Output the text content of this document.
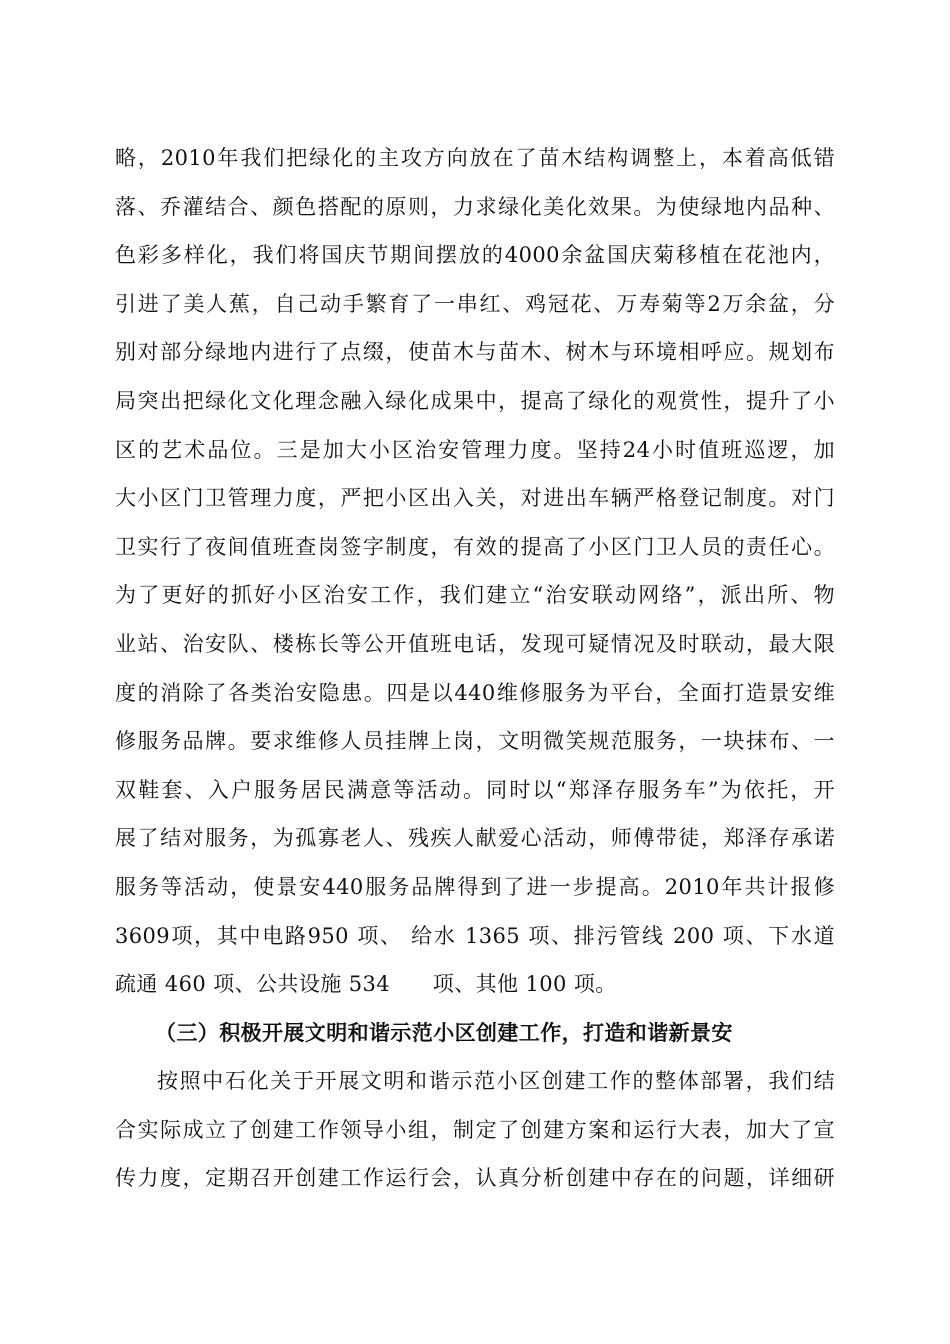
略，2010年我们把绿化的主攻方向放在了苗木结构调整上，本着高低错
落、乔灌结合、颜色搭配的原则，力求绿化美化效果。为使绿地内品种、
色彩多样化，我们将国庆节期间摆放的4000余盆国庆菊移植在花池内，
引进了美人蕉，自己动手繁育了一串红、鸡冠花、万寿菊等2万余盆，分
别对部分绿地内进行了点缀，使苗木与苗木、树木与环境相呼应。规划布
局突出把绿化文化理念融入绿化成果中，提高了绿化的观赏性，提升了小
区的艺术品位。三是加大小区治安管理力度。坚持24小时值班巡逻，加
大小区门卫管理力度，严把小区出入关，对进出车辆严格登记制度。对门
卫实行了夜间值班查岗签字制度，有效的提高了小区门卫人员的责任心。
为了更好的抓好小区治安工作，我们建立“治安联动网络”，派出所、物
业站、治安队、楼栋长等公开值班电话，发现可疑情况及时联动，最大限
度的消除了各类治安隐患。四是以440维修服务为平台，全面打造景安维
修服务品牌。要求维修人员挂牌上岗，文明微笑规范服务，一块抹布、一
双鞋套、入户服务居民满意等活动。同时以“郑泽存服务车”为依托，开
展了结对服务，为孤寡老人、残疾人献爱心活动，师傅带徒，郑泽存承诺
服务等活动，使景安440服务品牌得到了进一步提高。2010年共计报修
3609项，其中电路950 项、 给水 1365 项、排污管线 200 项、下水道
疏通 460 项、公共设施 534　　项、其他 100 项。
（三）积极开展文明和谐示范小区创建工作，打造和谐新景安
按照中石化关于开展文明和谐示范小区创建工作的整体部署，我们结
合实际成立了创建工作领导小组，制定了创建方案和运行大表，加大了宣
传力度，定期召开创建工作运行会，认真分析创建中存在的问题，详细研
